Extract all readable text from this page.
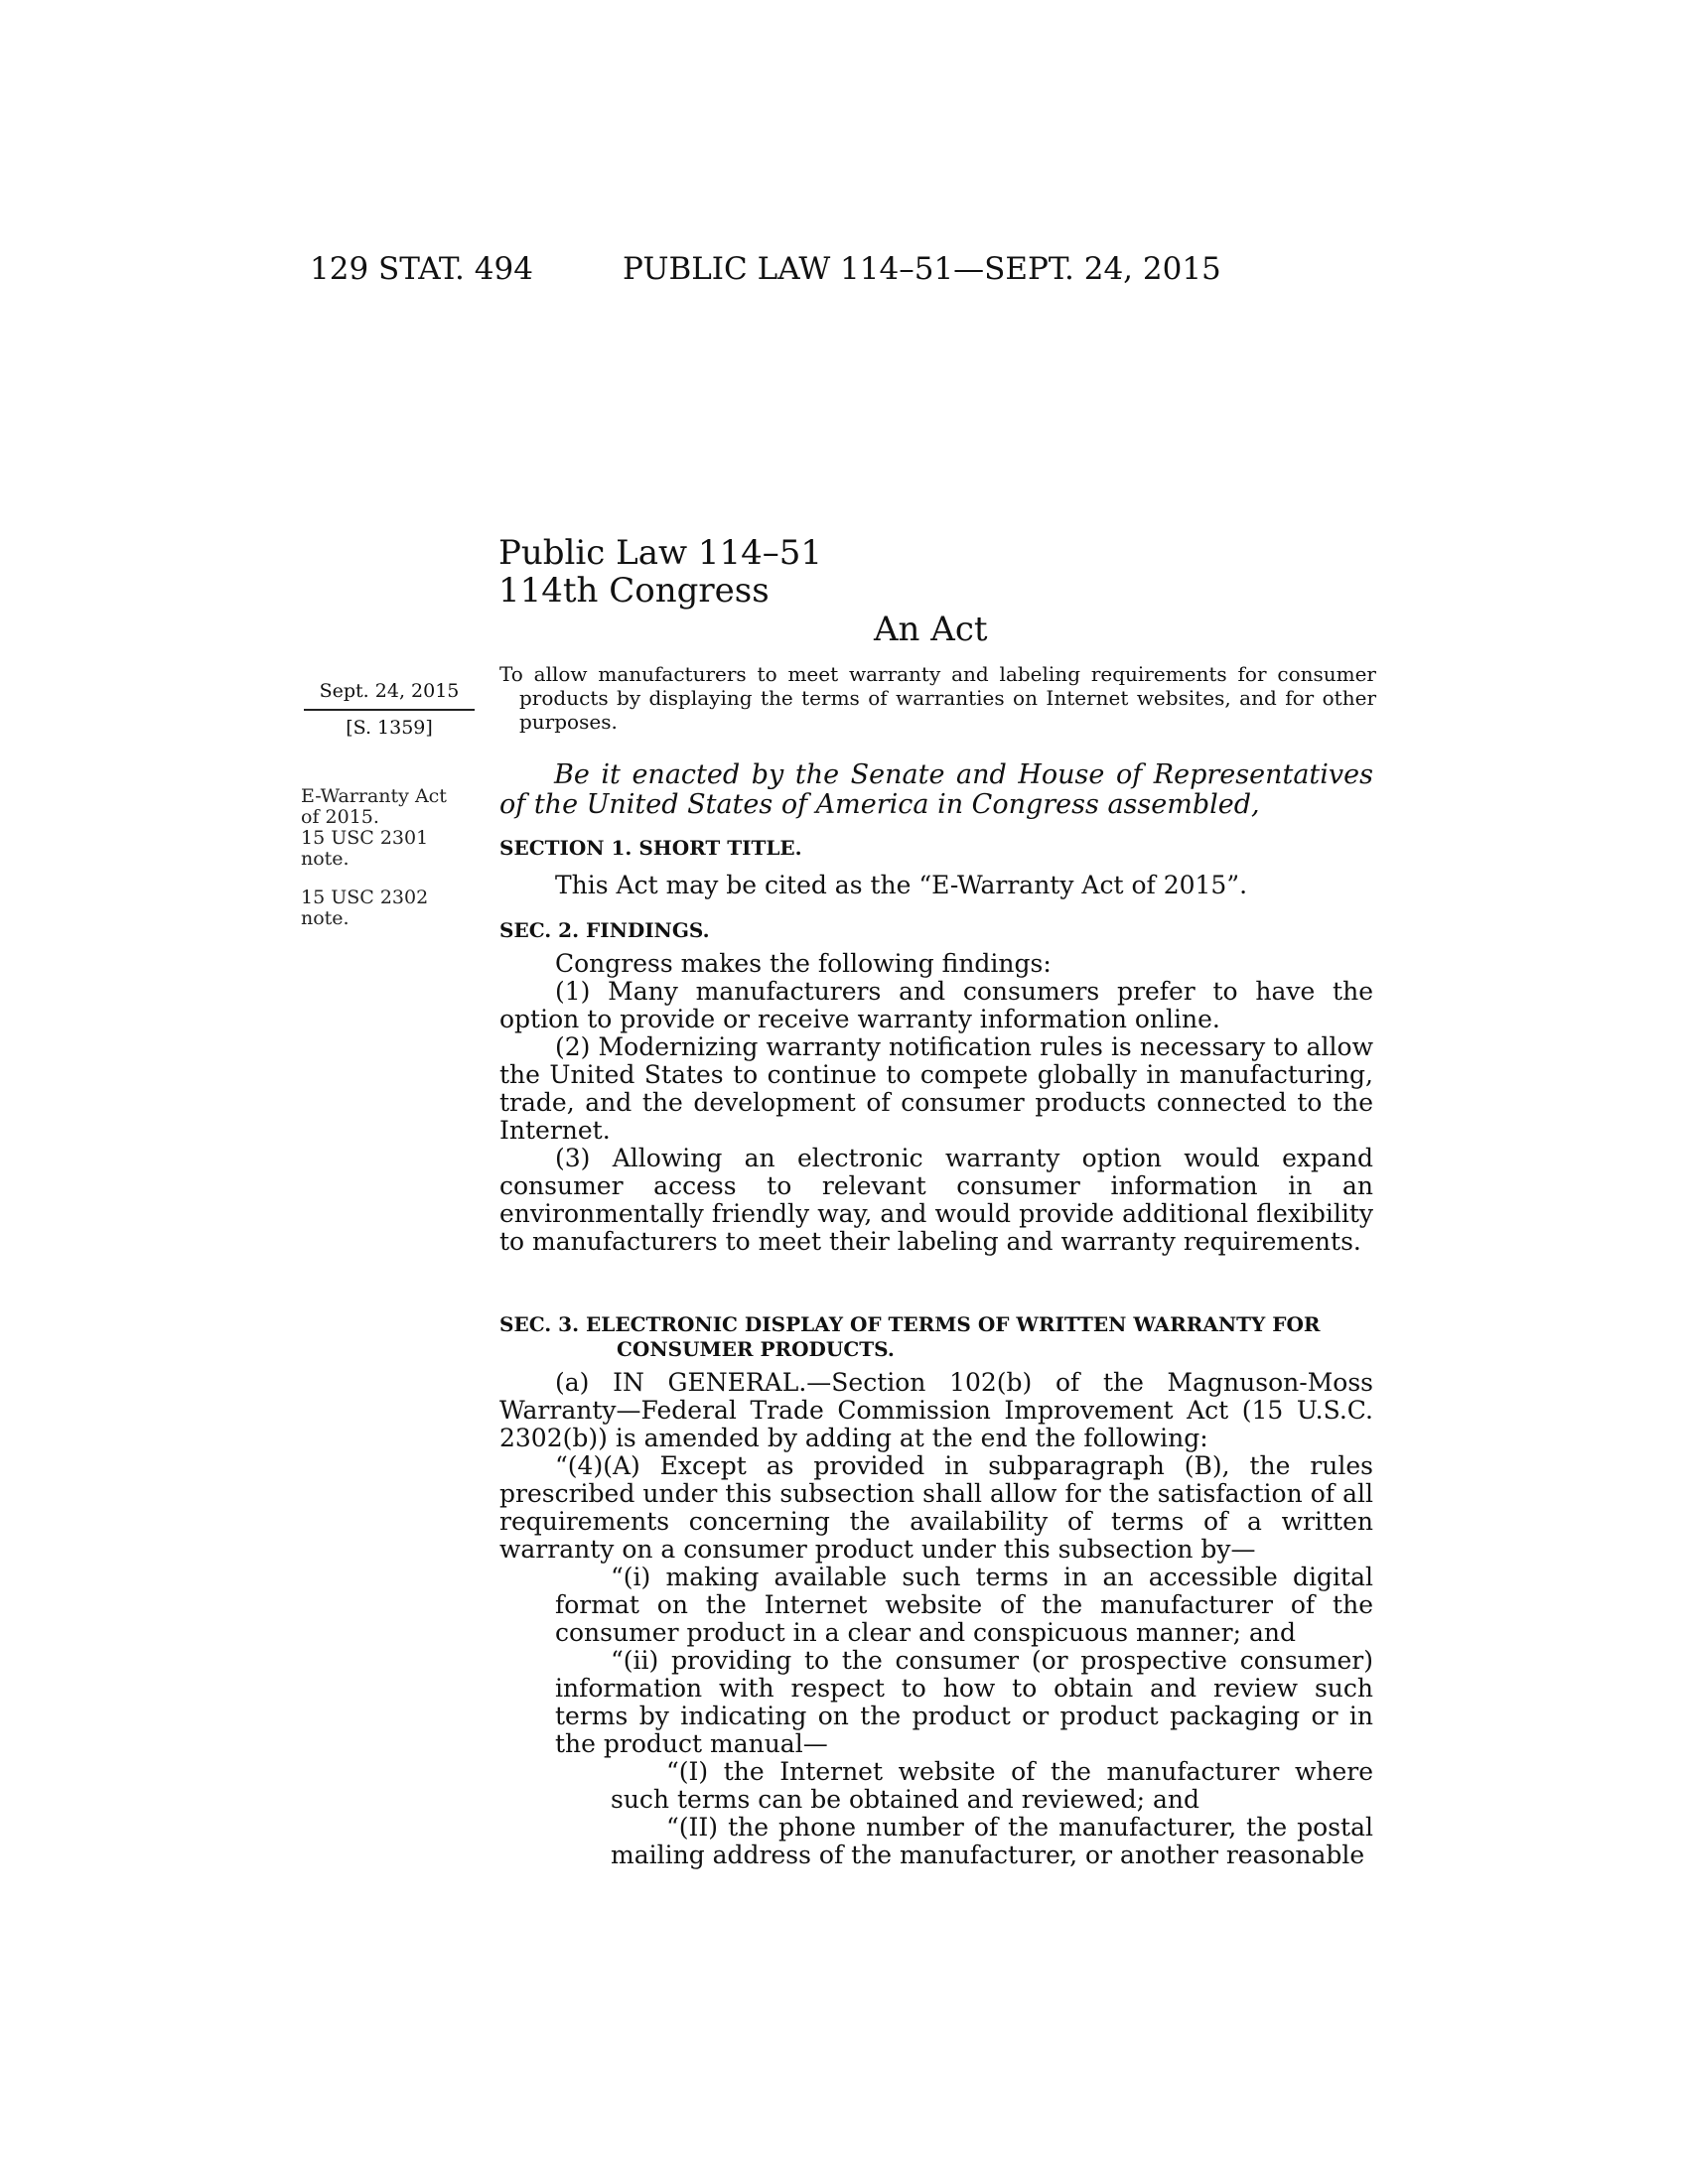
129 STAT. 494	PUBLIC LAW 114–51—SEPT. 24, 2015
Public Law 114–51
114th Congress
An Act
Sept. 24, 2015
[S. 1359]
E-Warranty Act
of 2015.
15 USC 2301
note.
15 USC 2302
note.
To allow manufacturers to meet warranty and labeling requirements for consumer products by displaying the terms of warranties on Internet websites, and for other purposes.
Be it enacted by the Senate and House of Representatives of the United States of America in Congress assembled,
SECTION 1. SHORT TITLE.
This Act may be cited as the “E-Warranty Act of 2015”.
SEC. 2. FINDINGS.
Congress makes the following findings:
(1) Many manufacturers and consumers prefer to have the option to provide or receive warranty information online.
(2) Modernizing warranty notification rules is necessary to allow the United States to continue to compete globally in manufacturing, trade, and the development of consumer products connected to the Internet.
(3) Allowing an electronic warranty option would expand consumer access to relevant consumer information in an environmentally friendly way, and would provide additional flexibility to manufacturers to meet their labeling and warranty requirements.
SEC. 3. ELECTRONIC DISPLAY OF TERMS OF WRITTEN WARRANTY FOR
CONSUMER PRODUCTS.
(a) IN GENERAL.—Section 102(b) of the Magnuson-Moss Warranty—Federal Trade Commission Improvement Act (15 U.S.C. 2302(b)) is amended by adding at the end the following:
“(4)(A) Except as provided in subparagraph (B), the rules prescribed under this subsection shall allow for the satisfaction of all requirements concerning the availability of terms of a written warranty on a consumer product under this subsection by—
“(i) making available such terms in an accessible digital format on the Internet website of the manufacturer of the consumer product in a clear and conspicuous manner; and
“(ii) providing to the consumer (or prospective consumer) information with respect to how to obtain and review such terms by indicating on the product or product packaging or in the product manual—
“(I) the Internet website of the manufacturer where such terms can be obtained and reviewed; and
“(II) the phone number of the manufacturer, the postal mailing address of the manufacturer, or another reasonable
